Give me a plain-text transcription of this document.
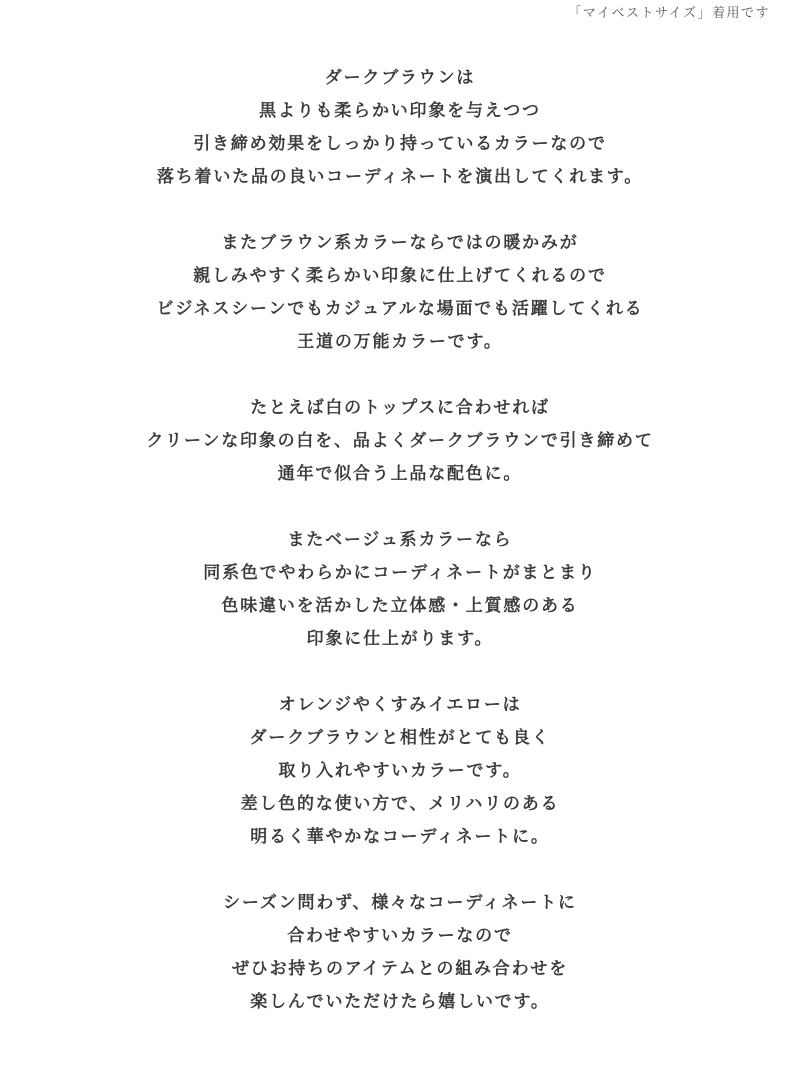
「マイベストサイズ」着用です
ダークブラウンは
黒よりも柔らかい印象を与えつつ
引き締め効果をしっかり持っているカラーなので
落ち着いた品の良いコーディネートを演出してくれます。
またブラウン系カラーならではの暖かみが
親しみやすく柔らかい印象に仕上げてくれるので
ビジネスシーンでもカジュアルな場面でも活躍してくれる
王道の万能カラーです。
たとえば白のトップスに合わせれば
クリーンな印象の白を、品よくダークブラウンで引き締めて
通年で似合う上品な配色に。
またベージュ系カラーなら
同系色でやわらかにコーディネートがまとまり
色味違いを活かした立体感・上質感のある
印象に仕上がります。
オレンジやくすみイエローは
ダークブラウンと相性がとても良く
取り入れやすいカラーです。
差し色的な使い方で、メリハリのある
明るく華やかなコーディネートに。
シーズン問わず、様々なコーディネートに
合わせやすいカラーなので
ぜひお持ちのアイテムとの組み合わせを
楽しんでいただけたら嬉しいです。
